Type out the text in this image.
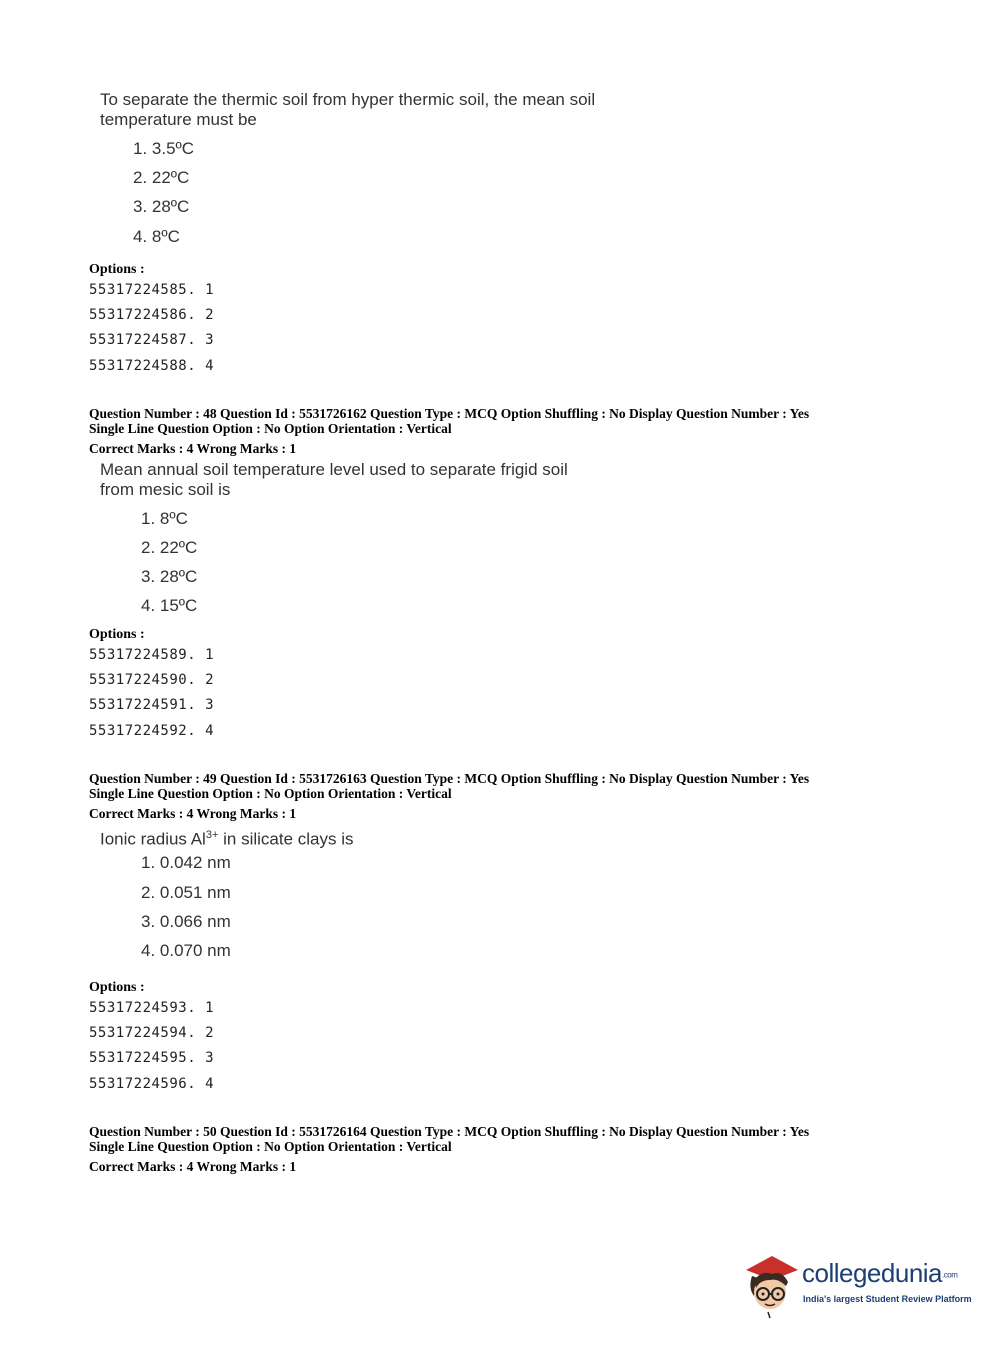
To separate the thermic soil from hyper thermic soil, the mean soil
temperature must be
1. 3.5ºC
2. 22ºC
3. 28ºC
4. 8ºC
Options :
55317224585. 1
55317224586. 2
55317224587. 3
55317224588. 4
Question Number : 48 Question Id : 5531726162 Question Type : MCQ Option Shuffling : No Display Question Number : Yes
Single Line Question Option : No Option Orientation : Vertical
Correct Marks : 4 Wrong Marks : 1
Mean annual soil temperature level used to separate frigid soil
from mesic soil is
1. 8ºC
2. 22ºC
3. 28ºC
4. 15ºC
Options :
55317224589. 1
55317224590. 2
55317224591. 3
55317224592. 4
Question Number : 49 Question Id : 5531726163 Question Type : MCQ Option Shuffling : No Display Question Number : Yes
Single Line Question Option : No Option Orientation : Vertical
Correct Marks : 4 Wrong Marks : 1
Ionic radius $Al^{3+}$ in silicate clays is
1. 0.042 nm
2. 0.051 nm
3. 0.066 nm
4. 0.070 nm
Options :
55317224593. 1
55317224594. 2
55317224595. 3
55317224596. 4
Question Number : 50 Question Id : 5531726164 Question Type : MCQ Option Shuffling : No Display Question Number : Yes
Single Line Question Option : No Option Orientation : Vertical
Correct Marks : 4 Wrong Marks : 1
collegedunia.com
India's largest Student Review Platform
